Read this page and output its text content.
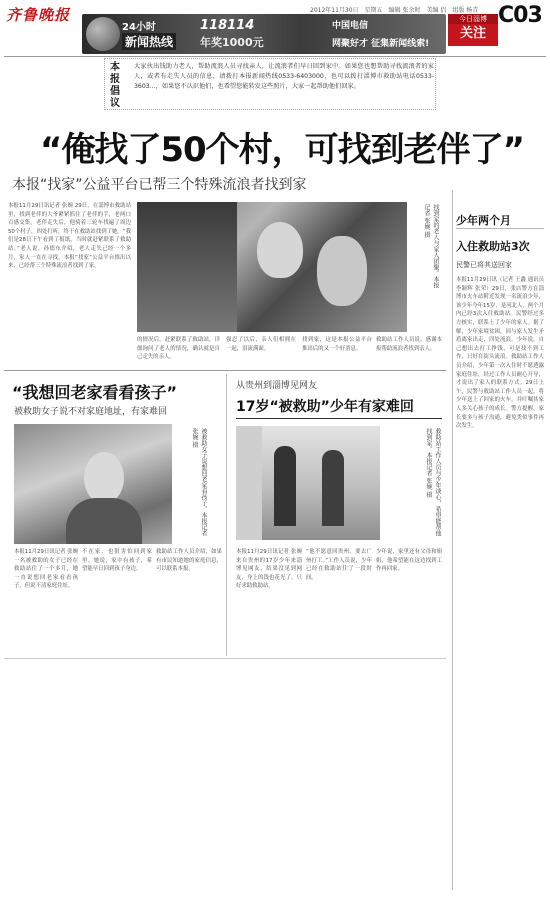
齐鲁晚报	2012年11月30日　星期五　编辑 张余时　美编 侣　组版 杨青 C03
今日淄博
关注
24小时
新闻热线
118114
年奖1000元
中国电信
网聚好才 征集新闻线索!
本报倡议
大家伙出钱助力老人，帮助流浪人员寻找亲人，让流浪者们早日回到家中。如果您也想帮助寻找流浪者的家人，或者有走失人员的信息，请拨打本报新闻热线0533-6403000，也可以拨打淄博市救助站电话0533-3603...，如果您不认识他们，也希望您能转发这些照片，大家一起帮助他们回家。
“俺找了50个村，可找到老伴了”
本报“找家”公益平台已帮三个特殊流浪者找到家
本报11月29日讯记者 张婉 29日，在淄博市救助站里，找到老伴的大爷紧紧抓住了老伴的手，老两口百感交集。老伴走失后，他骑着三轮车找遍了周边50个村子，四处打听，终于在救助站找到了她。“我们是28日下午看到了报纸，当时就赶紧联系了救助站。”老人说。孙德东介绍，老人走失已经一个多月，家人一直在寻找。本报“找家”公益平台推出以来，已经帮三个特殊流浪者找到了家。	找到家的老人与家人团聚。本报记者 张婉 摄
的情况后，赶紧联系了救助站，详细询问了老人的情况，确认就是自己走失的亲人。
强忍了以后，亲人们相拥在一起，泪流满面。
找到家，这是本报公益平台推出后的又一个好消息。
救助站工作人员说，感谢本报帮助流浪者找到亲人。
少年两个月
入住救助站3次
民警已将其送回家
本报11月29日讯（记者 王鑫 通讯员 李颖辉 张荣）29日，张店警方在淄博市火车站附近发现一名流浪少年，该少年今年15岁，是河北人，两个月内已经3次入住救助站。民警经过多方核实，联系上了少年的家人。据了解，少年家境贫困，因与家人发生矛盾离家出走，四处流浪。少年说，自己想出去打工挣钱，可是找不到工作，只好在街头流浪。救助站工作人员介绍，少年第一次入住时不愿透露家庭住址，经过工作人员耐心开导，才说出了家人的联系方式。29日上午，民警与救助站工作人员一起，将少年送上了回家的火车，并叮嘱其家人多关心孩子的成长。警方提醒，家长要多与孩子沟通，避免类似事件再次发生。
“我想回老家看看孩子”
被救助女子说不对家庭地址，有家难回
被救助女子说想回老家看孩子。本报记者 张婉 摄
本报11月29日讯记者 张婉 一名被救助的女子已经在救助站住了一个多月，她一直说想回老家看看孩子，但说不清家庭住址。
不在家，也很害怕回到家里。她说，家中有孩子，希望能早日回到孩子身边。
救助站工作人员介绍，如果有市民知道她的家庭信息，可以联系本报。
从贵州到淄博见网友
17岁“被救助”少年有家难回
救助站工作人员与少年谈心，希望能帮他找到家。本报记者 张婉 摄
本报11月29日讯记者 张婉 来自贵州的17岁少年来淄博见网友，结果没见到网友，身上的钱也花光了，只好求助救助站。
“他不愿意回贵州，要去广州打工。”工作人员说，少年已经在救助站住了一段时间。
少年说，家里还有父母和姐姐，他希望能在这边找到工作再回家。
